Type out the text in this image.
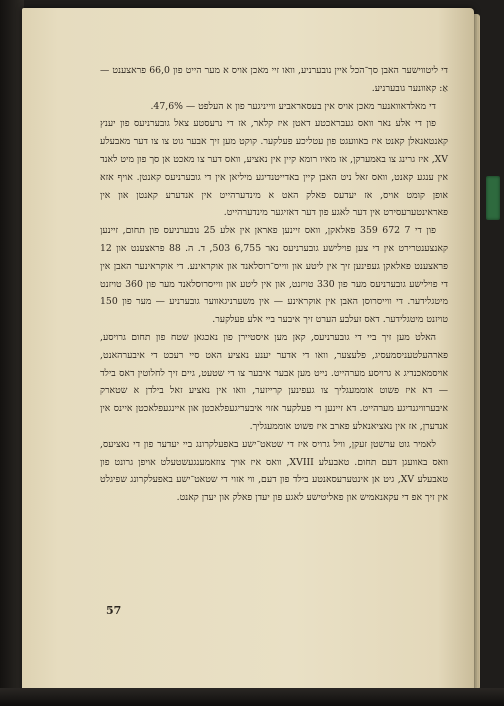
די ליטווישער האבן סך־הכל איין נובערניע, וואו זיי מאכן אויס א מער הייט פון 66,0 פראצענט — אַ: קאוונער גובערניע.

די מאלדאוואנער מאכן אויס אין בעסאראביע ווייניגער פון א העלפט — 47,6%.

פון די אלע נאר וואס געבראכטע דאטן איז קלאר, אז די נרעסטע צאל גובערניעס פון יענץ קאנטאנאלן קאנט איז באוועגט פון עטליכע פעלקער. קוקט מען זיך אבער גוט צו צו דער מאבעלע XV, איז גרינג צו באמערקן, אז מאיו רומא קיין אין נאציע, וואס דער צו מאכט אן סך פון מיט לאנד אין ענגע קאנט, וואס זאל ניט האבן קיין באדייטנדיגע מיליאן אין די גובערניעס קאנטן. אויף אזא אופן קומט אויס, אז יעדעס פאלק האט א מינדערהייט אין אנדערע קאנטן און אין פאראינטערעסירט אין דער לאגע פון דער דאזיגער מינדערהייט.

פון די 7 672 359 פאלאקן, וואס זיינען פאראן אין אלע 25 נובערניעס פון תחום, זיינען קאנצענטרירט אין די צען פוילישע גובערניעס נאר 6,755 503, ד. ה. 88 פראצענט און 12 פראצענט פאלאקן געפינען זיך אין ליטע און ווייס־רוסלאנד און אוקראינע. די אוקראינער האבן אין די פוילישע גובערניעס מער פון 330 טויזנט, און אין ליטע און ווייסרוסלאנד מער פון 360 טויזנט מיטגלידער. די ווייסרוסן האבן אין אוקראינע — אין משערניגאווער גובערניע — מער פון 150 טויזנט מיטגלידער. דאס זעלבע הערט זיך איבער ביי אלע פעלקער.

האלט מען זיך ביי די גובערניעס, קאן מען איסטיירן פון נאכגאן שטח פון תחום גרויסע, פארהעלטעניסמעסיג, פלעצער, וואו די אדער יענע נאציע האט סיי רעכט די איבערהאנט, אויסמאכנדיג א גרויסע מערהייט. נייט מען אבער איבער צו די שטעט, גיים זיך לחלוטין דאס בילד — דא איז פשוט אוממעגליך צו געפינען קרייזער, וואו אין נאציע זאל בילדן א שטארק איבערוויגנדיגע מערהייט. דא זיינען די פעלקער אזוי איבעריגעפלאכטן און איינגעפלאכטן איינס אין אנדערן, אז אין נאציאנאלע פארב איז פשוט אוממעגליך.

לאמיר גוט ערשטן זעקן, וויל גרויס איז די שטאט־ישע באפעלקרונג ביי יעדער פון די נאציעס, וואס באוועגן דעם תחום. טאבעלע XVIII, וואס איז אויך צוזאמענגעשטעלט אויפן גרונט פון טאבעלע XV, גיט אן אינטערעסאנטע בילד פון דעם, ווי אזוי די שטאט־ישע באפעלקרונג שפיגלט אין זיך אפ די עקאנאמיש און פאליטישע לאגע פון יעדן פאלק און יעדן קאנט.

57
